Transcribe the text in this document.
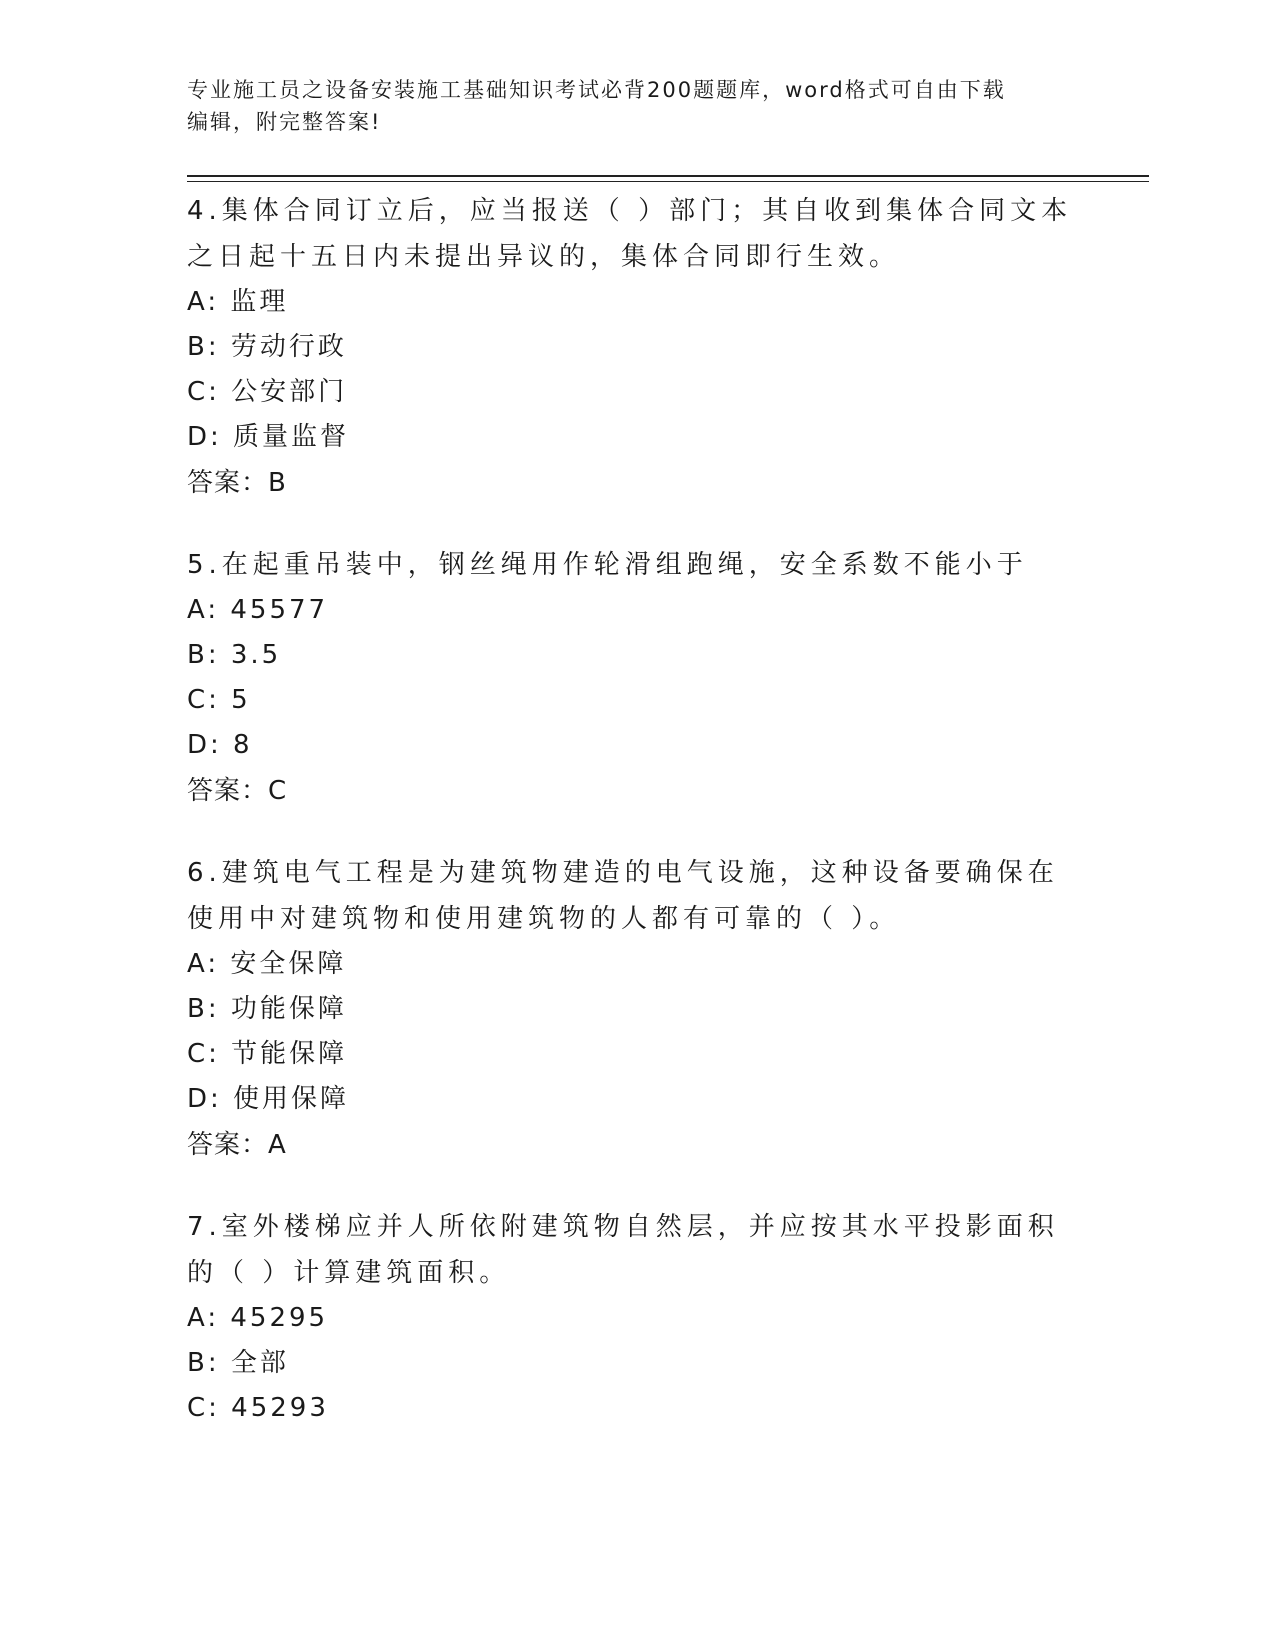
专业施工员之设备安装施工基础知识考试必背200题题库，word格式可自由下载
编辑，附完整答案!

4.集体合同订立后，应当报送（ ）部门；其自收到集体合同文本之日起十五日内未提出异议的，集体合同即行生效。

A: 监理

B: 劳动行政

C: 公安部门

D: 质量监督

答案：B

5.在起重吊装中，钢丝绳用作轮滑组跑绳，安全系数不能小于

A: 45577

B: 3.5

C: 5

D: 8

答案：C

6.建筑电气工程是为建筑物建造的电气设施，这种设备要确保在使用中对建筑物和使用建筑物的人都有可靠的（ ）。

A: 安全保障

B: 功能保障

C: 节能保障

D: 使用保障

答案：A

7.室外楼梯应并人所依附建筑物自然层，并应按其水平投影面积的（ ）计算建筑面积。

A: 45295

B: 全部

C: 45293
